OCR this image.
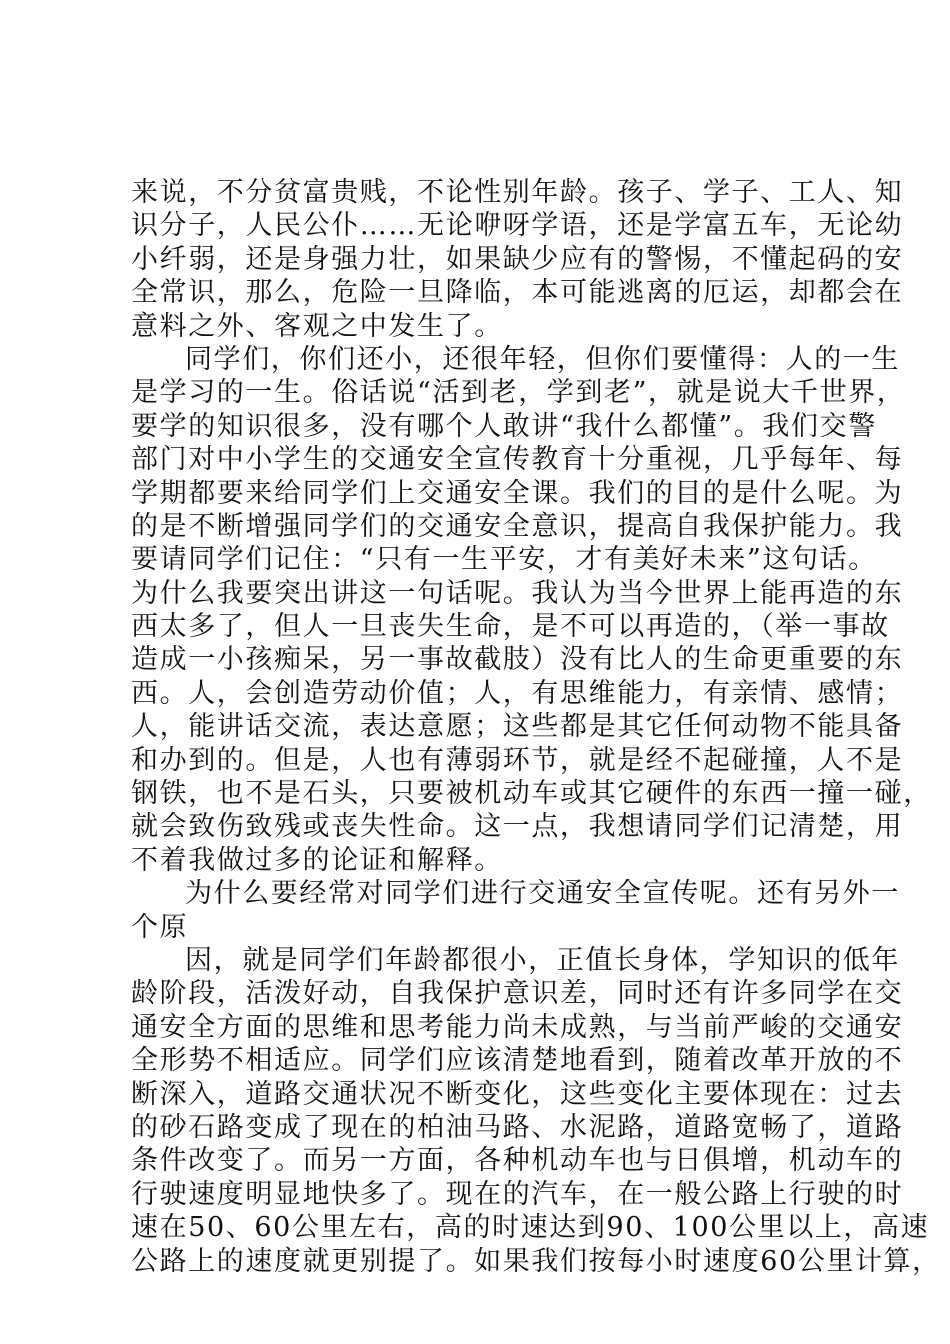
来说，不分贫富贵贱，不论性别年龄。孩子、学子、工人、知
识分子，人民公仆……无论咿呀学语，还是学富五车，无论幼
小纤弱，还是身强力壮，如果缺少应有的警惕，不懂起码的安
全常识，那么，危险一旦降临，本可能逃离的厄运，却都会在
意料之外、客观之中发生了。
同学们，你们还小，还很年轻，但你们要懂得：人的一生
是学习的一生。俗话说“活到老，学到老”，就是说大千世界，
要学的知识很多，没有哪个人敢讲“我什么都懂”。我们交警
部门对中小学生的交通安全宣传教育十分重视，几乎每年、每
学期都要来给同学们上交通安全课。我们的目的是什么呢。为
的是不断增强同学们的交通安全意识，提高自我保护能力。我
要请同学们记住：“只有一生平安，才有美好未来”这句话。
为什么我要突出讲这一句话呢。我认为当今世界上能再造的东
西太多了，但人一旦丧失生命，是不可以再造的，（举一事故
造成一小孩痴呆，另一事故截肢）没有比人的生命更重要的东
西。人，会创造劳动价值；人，有思维能力，有亲情、感情；
人，能讲话交流，表达意愿；这些都是其它任何动物不能具备
和办到的。但是，人也有薄弱环节，就是经不起碰撞，人不是
钢铁，也不是石头，只要被机动车或其它硬件的东西一撞一碰，
就会致伤致残或丧失性命。这一点，我想请同学们记清楚，用
不着我做过多的论证和解释。
为什么要经常对同学们进行交通安全宣传呢。还有另外一
个原
因，就是同学们年龄都很小，正值长身体，学知识的低年
龄阶段，活泼好动，自我保护意识差，同时还有许多同学在交
通安全方面的思维和思考能力尚未成熟，与当前严峻的交通安
全形势不相适应。同学们应该清楚地看到，随着改革开放的不
断深入，道路交通状况不断变化，这些变化主要体现在：过去
的砂石路变成了现在的柏油马路、水泥路，道路宽畅了，道路
条件改变了。而另一方面，各种机动车也与日俱增，机动车的
行驶速度明显地快多了。现在的汽车，在一般公路上行驶的时
速在50、60公里左右，高的时速达到90、100公里以上，高速
公路上的速度就更别提了。如果我们按每小时速度60公里计算，
